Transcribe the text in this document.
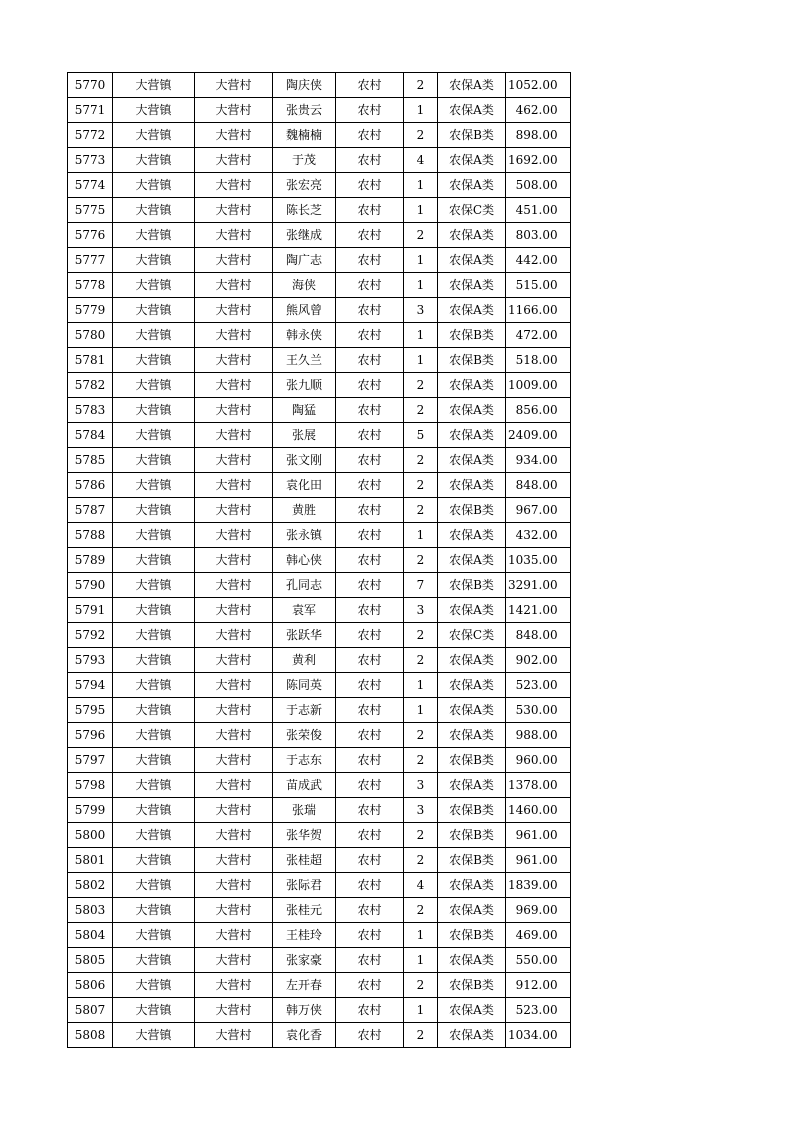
5770	大营镇	大营村	陶庆侠	农村	2	农保A类	1052.00
5771	大营镇	大营村	张贵云	农村	1	农保A类	462.00
5772	大营镇	大营村	魏楠楠	农村	2	农保B类	898.00
5773	大营镇	大营村	于茂	农村	4	农保A类	1692.00
5774	大营镇	大营村	张宏亮	农村	1	农保A类	508.00
5775	大营镇	大营村	陈长芝	农村	1	农保C类	451.00
5776	大营镇	大营村	张继成	农村	2	农保A类	803.00
5777	大营镇	大营村	陶广志	农村	1	农保A类	442.00
5778	大营镇	大营村	海侠	农村	1	农保A类	515.00
5779	大营镇	大营村	熊风曾	农村	3	农保A类	1166.00
5780	大营镇	大营村	韩永侠	农村	1	农保B类	472.00
5781	大营镇	大营村	王久兰	农村	1	农保B类	518.00
5782	大营镇	大营村	张九顺	农村	2	农保A类	1009.00
5783	大营镇	大营村	陶猛	农村	2	农保A类	856.00
5784	大营镇	大营村	张展	农村	5	农保A类	2409.00
5785	大营镇	大营村	张文刚	农村	2	农保A类	934.00
5786	大营镇	大营村	袁化田	农村	2	农保A类	848.00
5787	大营镇	大营村	黄胜	农村	2	农保B类	967.00
5788	大营镇	大营村	张永镇	农村	1	农保A类	432.00
5789	大营镇	大营村	韩心侠	农村	2	农保A类	1035.00
5790	大营镇	大营村	孔同志	农村	7	农保B类	3291.00
5791	大营镇	大营村	袁军	农村	3	农保A类	1421.00
5792	大营镇	大营村	张跃华	农村	2	农保C类	848.00
5793	大营镇	大营村	黄利	农村	2	农保A类	902.00
5794	大营镇	大营村	陈同英	农村	1	农保A类	523.00
5795	大营镇	大营村	于志新	农村	1	农保A类	530.00
5796	大营镇	大营村	张荣俊	农村	2	农保A类	988.00
5797	大营镇	大营村	于志东	农村	2	农保B类	960.00
5798	大营镇	大营村	苗成武	农村	3	农保A类	1378.00
5799	大营镇	大营村	张瑞	农村	3	农保B类	1460.00
5800	大营镇	大营村	张华贺	农村	2	农保B类	961.00
5801	大营镇	大营村	张桂超	农村	2	农保B类	961.00
5802	大营镇	大营村	张际君	农村	4	农保A类	1839.00
5803	大营镇	大营村	张桂元	农村	2	农保A类	969.00
5804	大营镇	大营村	王桂玲	农村	1	农保B类	469.00
5805	大营镇	大营村	张家豪	农村	1	农保A类	550.00
5806	大营镇	大营村	左开春	农村	2	农保B类	912.00
5807	大营镇	大营村	韩万侠	农村	1	农保A类	523.00
5808	大营镇	大营村	袁化香	农村	2	农保A类	1034.00
